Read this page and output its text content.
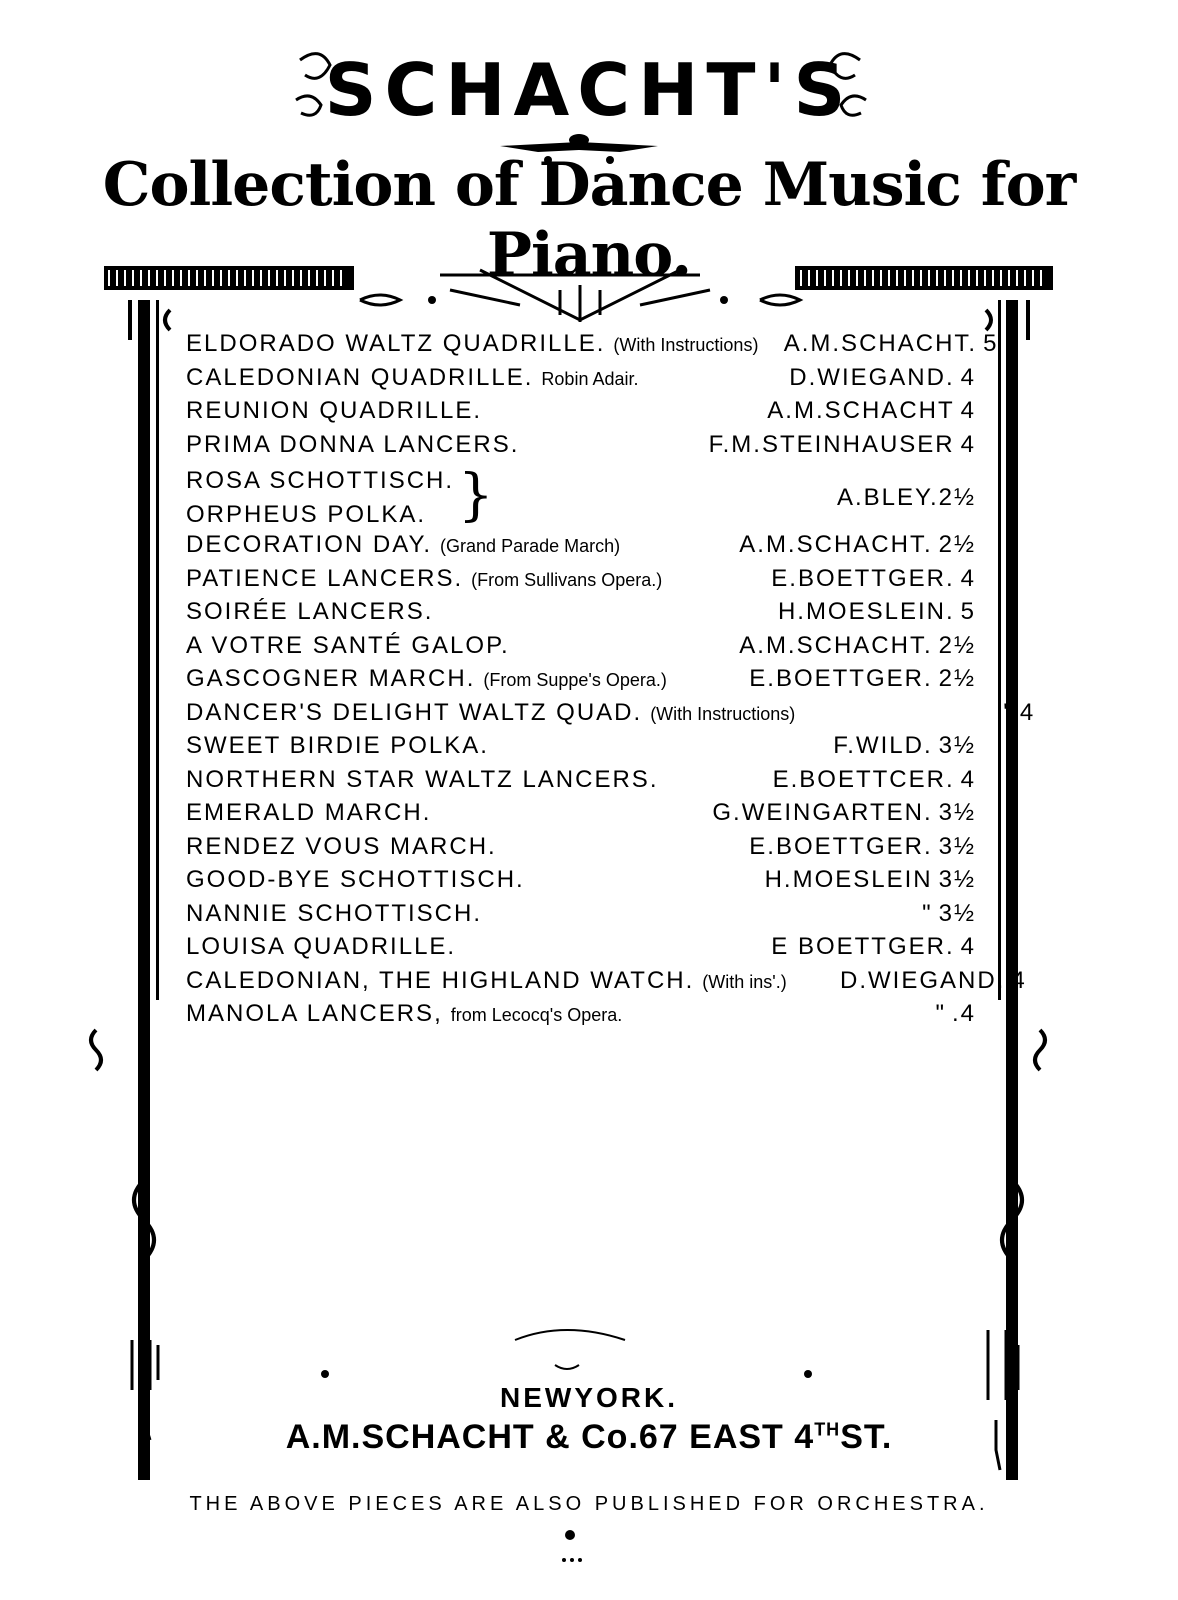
SCHACHT'S
Collection of Dance Music for Piano.
ELDORADO WALTZ QUADRILLE. (With Instructions)	A.M.SCHACHT. 5
CALEDONIAN QUADRILLE. Robin Adair.	D.WIEGAND. 4
REUNION QUADRILLE.	A.M.SCHACHT 4
PRIMA DONNA LANCERS.	F.M.STEINHAUSER 4
ROSA SCHOTTISCH.
ORPHEUS POLKA. }	A.BLEY.2½
DECORATION DAY. (Grand Parade March)	A.M.SCHACHT. 2½
PATIENCE LANCERS. (From Sullivans Opera.)	E.BOETTGER. 4
SOIRÉE LANCERS.	H.MOESLEIN. 5
A VOTRE SANTÉ GALOP.	A.M.SCHACHT. 2½
GASCOGNER MARCH. (From Suppe's Opera.)	E.BOETTGER. 2½
DANCER'S DELIGHT WALTZ QUAD. (With Instructions)	" 4
SWEET BIRDIE POLKA.	F.WILD. 3½
NORTHERN STAR WALTZ LANCERS.	E.BOETTCER. 4
EMERALD MARCH.	G.WEINGARTEN. 3½
RENDEZ VOUS MARCH.	E.BOETTGER. 3½
GOOD-BYE SCHOTTISCH.	H.MOESLEIN 3½
NANNIE SCHOTTISCH.	" 3½
LOUISA QUADRILLE.	E BOETTGER. 4
CALEDONIAN, THE HIGHLAND WATCH. (With ins'.)	D.WIEGAND. 4
MANOLA LANCERS, from Lecocq's Opera.	" .4
NEWYORK.
A.M.SCHACHT & Co.67 EAST 4THST.
THE ABOVE PIECES ARE ALSO PUBLISHED FOR ORCHESTRA.
